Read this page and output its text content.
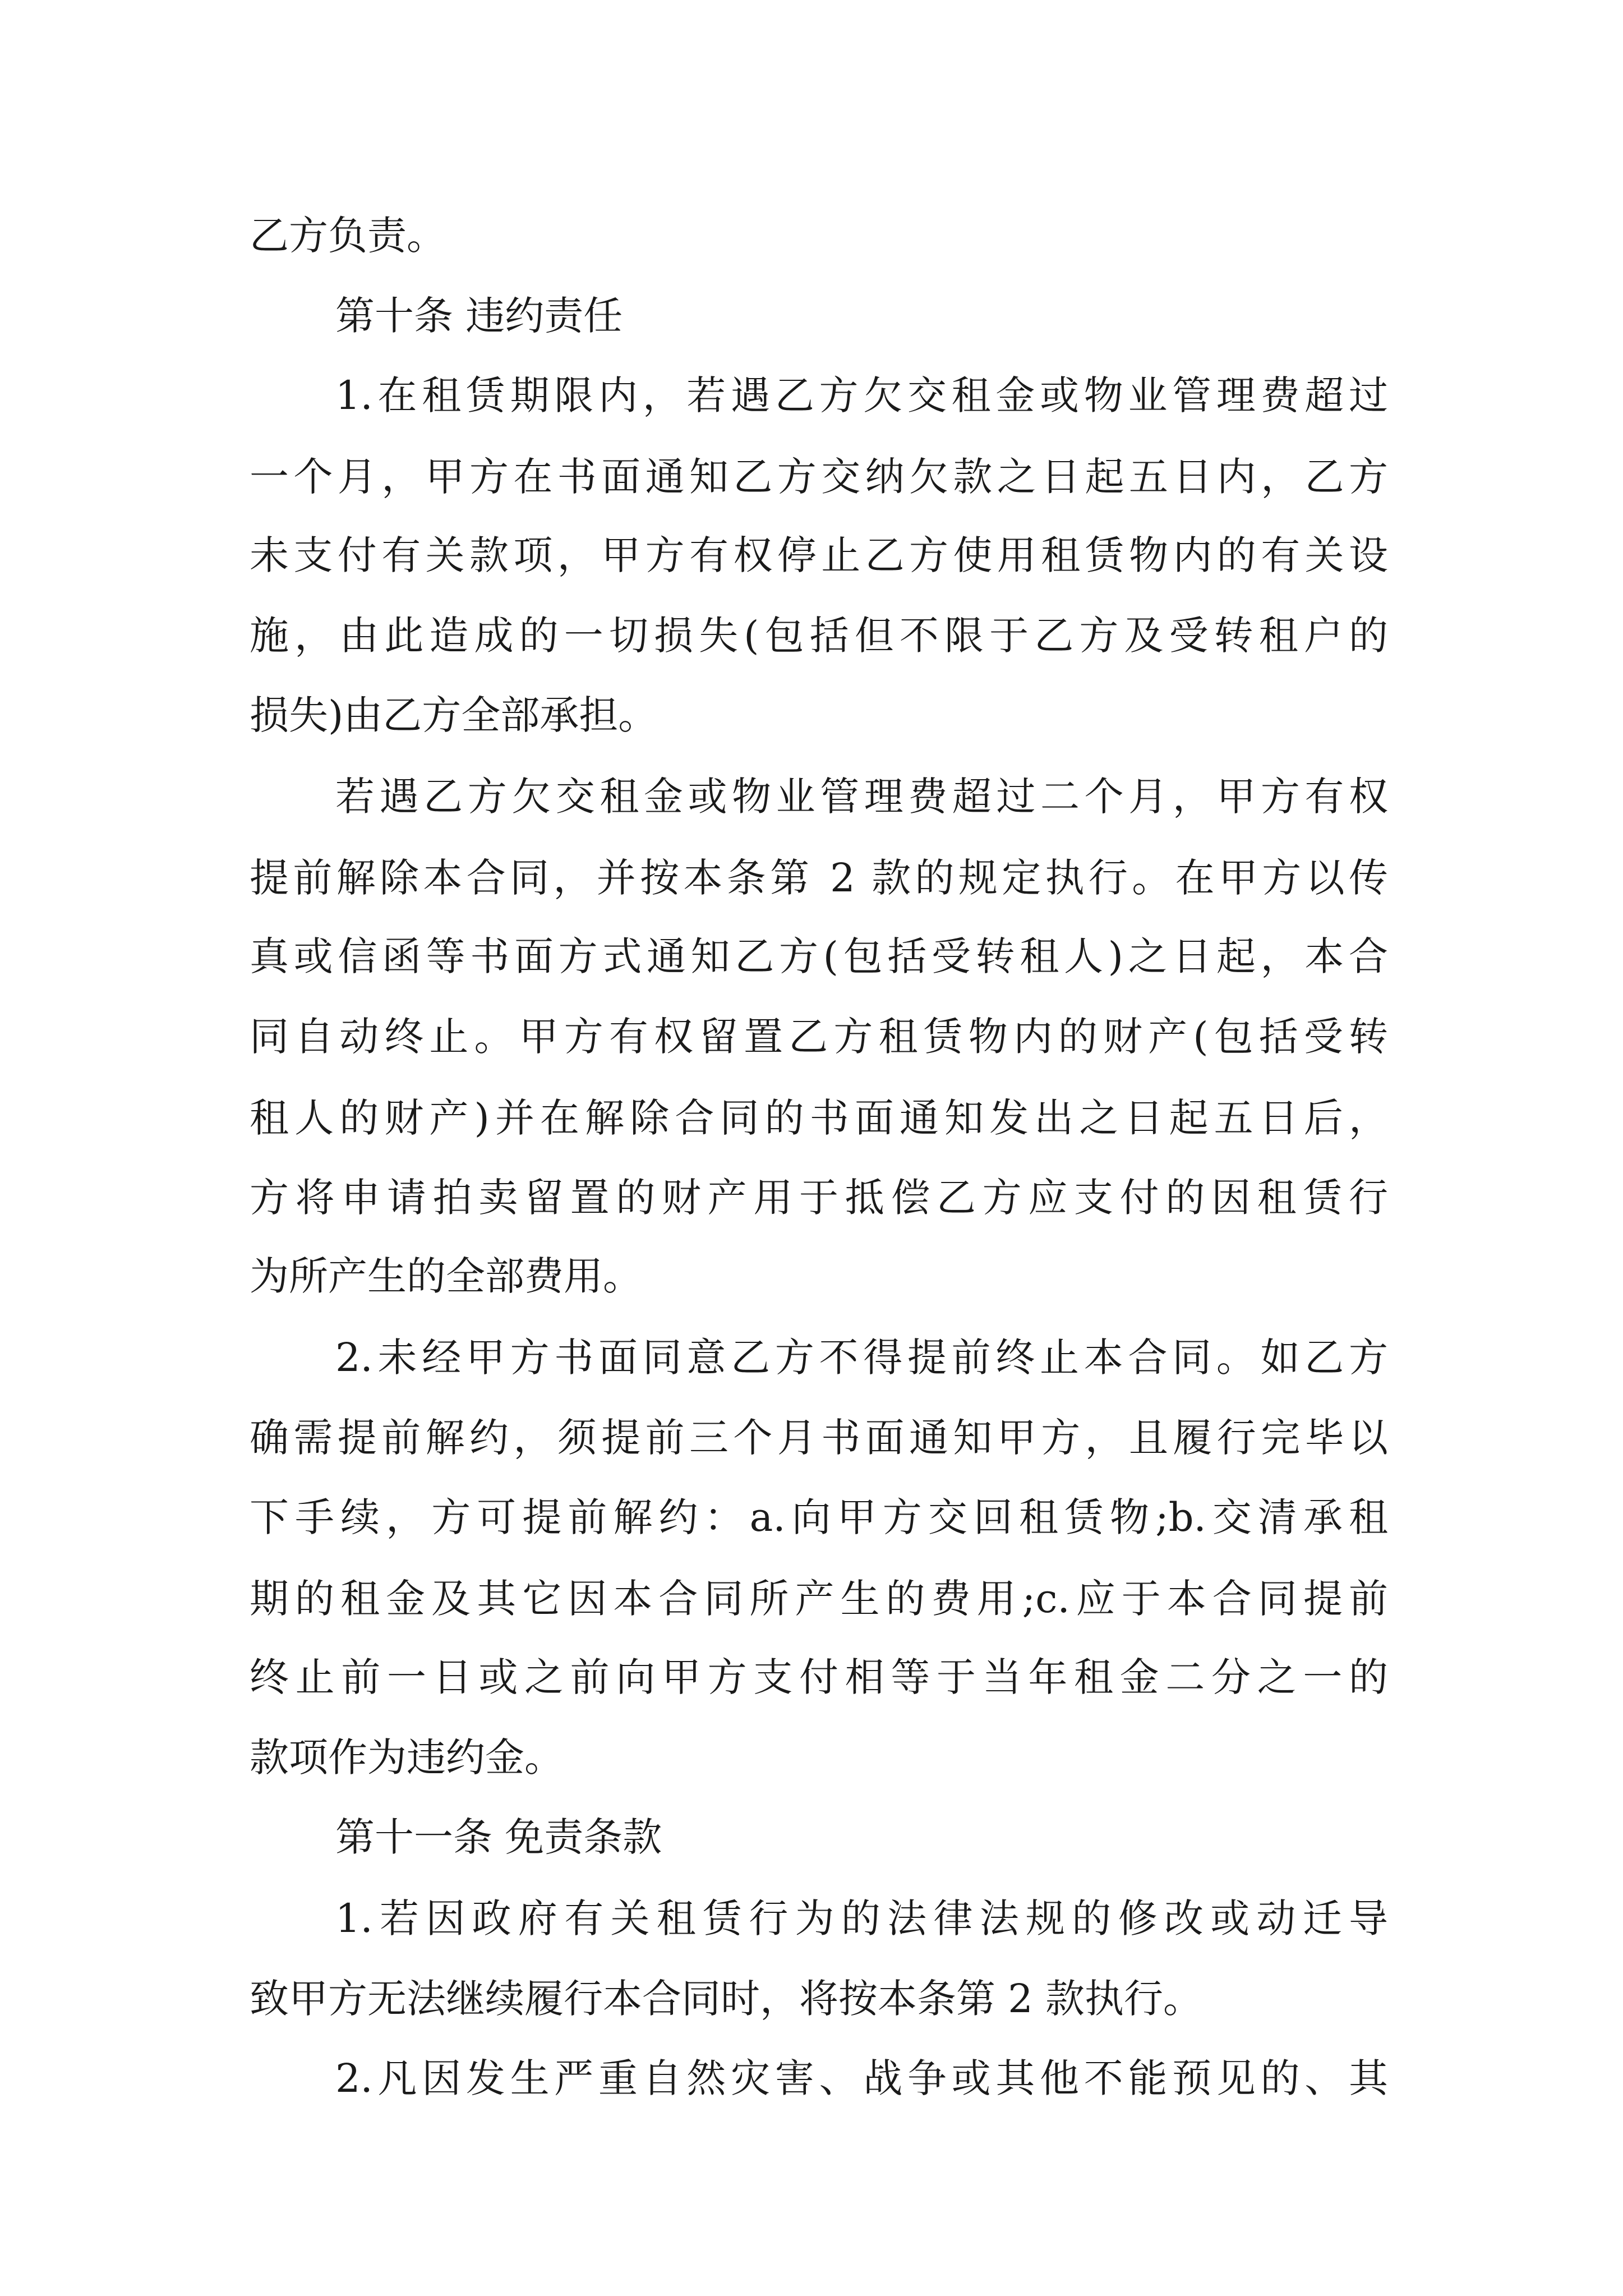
乙方负责。
第十条 违约责任
1.在租赁期限内，若遇乙方欠交租金或物业管理费超过
一个月，甲方在书面通知乙方交纳欠款之日起五日内，乙方
未支付有关款项，甲方有权停止乙方使用租赁物内的有关设
施，由此造成的一切损失(包括但不限于乙方及受转租户的
损失)由乙方全部承担。
若遇乙方欠交租金或物业管理费超过二个月，甲方有权
提前解除本合同，并按本条第 2 款的规定执行。在甲方以传
真或信函等书面方式通知乙方(包括受转租人)之日起，本合
同自动终止。甲方有权留置乙方租赁物内的财产(包括受转
租人的财产)并在解除合同的书面通知发出之日起五日后，
方将申请拍卖留置的财产用于抵偿乙方应支付的因租赁行
为所产生的全部费用。
2.未经甲方书面同意乙方不得提前终止本合同。如乙方
确需提前解约，须提前三个月书面通知甲方，且履行完毕以
下手续，方可提前解约：a.向甲方交回租赁物;b.交清承租
期的租金及其它因本合同所产生的费用;c.应于本合同提前
终止前一日或之前向甲方支付相等于当年租金二分之一的
款项作为违约金。
第十一条 免责条款
1.若因政府有关租赁行为的法律法规的修改或动迁导
致甲方无法继续履行本合同时，将按本条第 2 款执行。
2.凡因发生严重自然灾害、战争或其他不能预见的、其
